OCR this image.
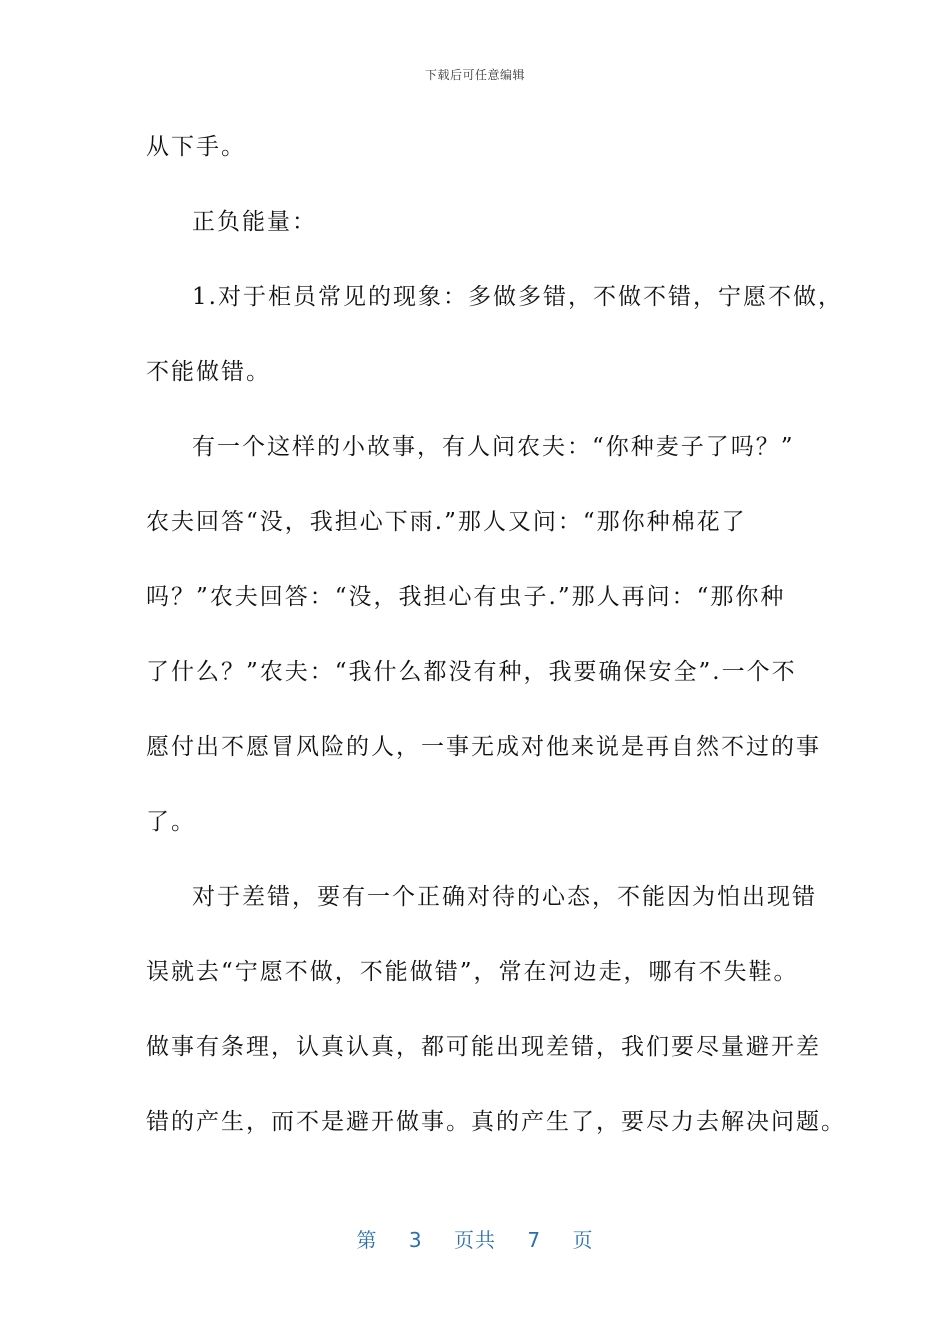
下载后可任意编辑
从下手。
正负能量：
1.对于柜员常见的现象：多做多错，不做不错，宁愿不做，
不能做错。
有一个这样的小故事，有人问农夫：“你种麦子了吗？”
农夫回答“没，我担心下雨.”那人又问：“那你种棉花了
吗？”农夫回答：“没，我担心有虫子.”那人再问：“那你种
了什么？”农夫：“我什么都没有种，我要确保安全”.一个不
愿付出不愿冒风险的人，一事无成对他来说是再自然不过的事
了。
对于差错，要有一个正确对待的心态，不能因为怕出现错
误就去“宁愿不做，不能做错”，常在河边走，哪有不失鞋。
做事有条理，认真认真，都可能出现差错，我们要尽量避开差
错的产生，而不是避开做事。真的产生了，要尽力去解决问题。
第 3 页共 7 页
